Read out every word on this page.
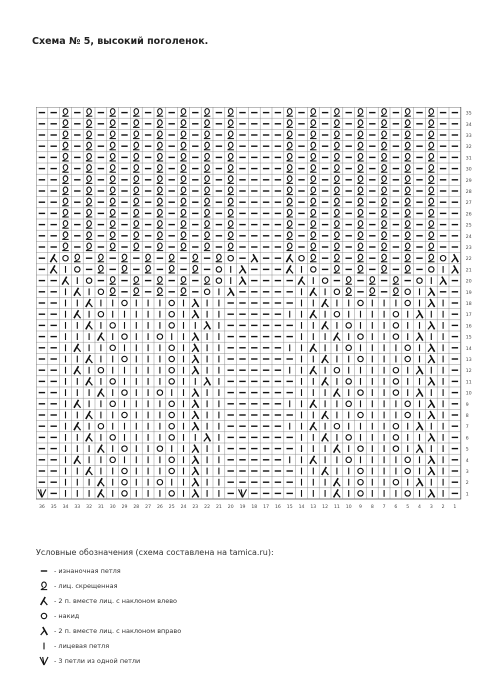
Схема № 5, высокий поголенок.
35
34
33
32
31
30
29
28
27
26
25
24
23
22
21
20
19
18
17
16
15
14
13
12
11
10
9
8
7
6
5
4
3
2
1
36 35 34 33 32 31 30 29 28 27 26 25 24 23 22 21 20 19 18 17 16 15 14 13 12 11 10 9 8 7 6 5 4 3 2 1
Условные обозначения (схема составлена на tamica.ru):
- изнаночная петля
- лиц. скрещенная
- 2 п. вместе лиц. с наклоном влево
- накид
- 2 п. вместе лиц. с наклоном вправо
- лицевая петля
- 3 петли из одной петли
